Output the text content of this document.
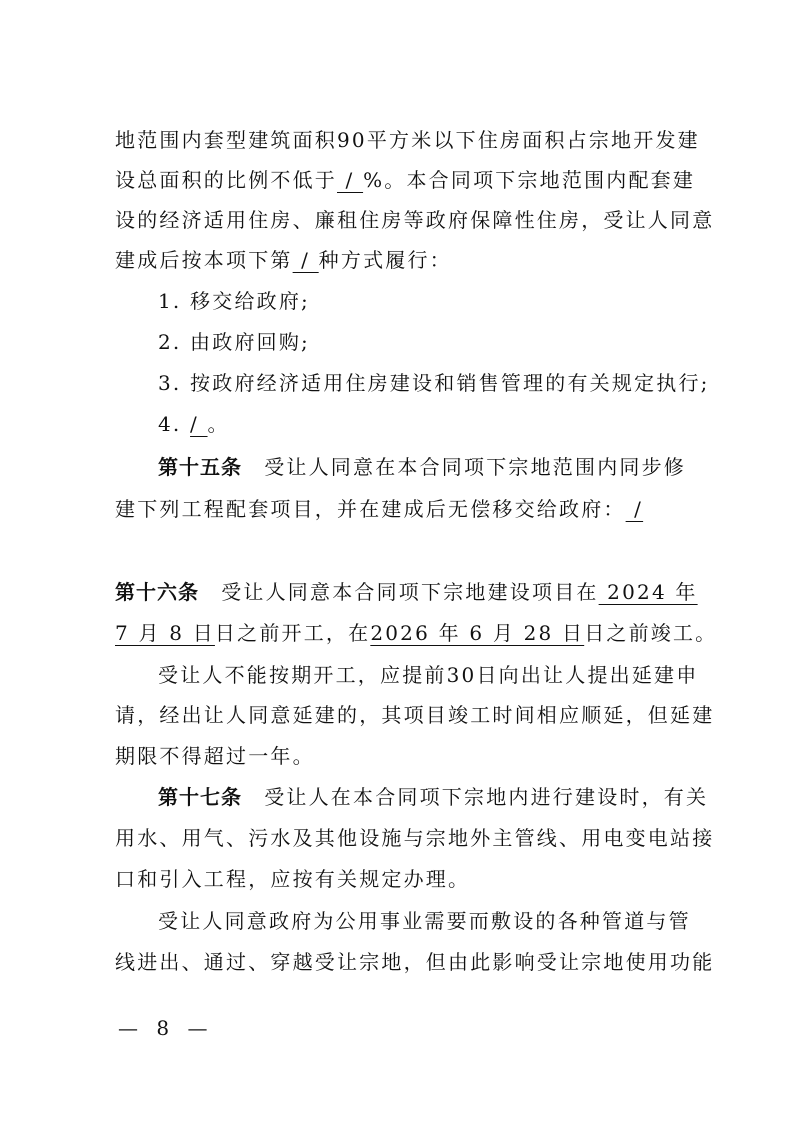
地范围内套型建筑面积90平方米以下住房面积占宗地开发建
设总面积的比例不低于 / %。本合同项下宗地范围内配套建
设的经济适用住房、廉租住房等政府保障性住房，受让人同意
建成后按本项下第 / 种方式履行：
1. 移交给政府;
2. 由政府回购;
3. 按政府经济适用住房建设和销售管理的有关规定执行;
4. / 。
第十五条　受让人同意在本合同项下宗地范围内同步修
建下列工程配套项目，并在建成后无偿移交给政府： /
第十六条　受让人同意本合同项下宗地建设项目在 2024 年
7 月 8 日日之前开工，在2026 年 6 月 28 日日之前竣工。
受让人不能按期开工，应提前30日向出让人提出延建申
请，经出让人同意延建的，其项目竣工时间相应顺延，但延建
期限不得超过一年。
第十七条　受让人在本合同项下宗地内进行建设时，有关
用水、用气、污水及其他设施与宗地外主管线、用电变电站接
口和引入工程，应按有关规定办理。
受让人同意政府为公用事业需要而敷设的各种管道与管
线进出、通过、穿越受让宗地，但由此影响受让宗地使用功能
— 8 —
